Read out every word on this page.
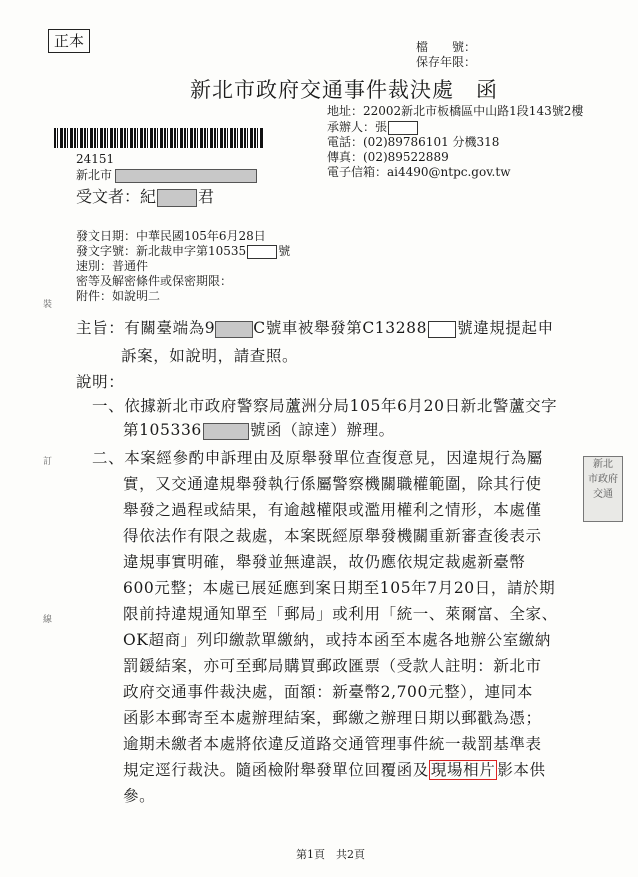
正本	檔　　號：
保存年限：
新北市政府交通事件裁決處　函
地址：22002新北市板橋區中山路1段143號2樓
承辦人：張
電話：(02)89786101 分機318
傳真：(02)89522889
電子信箱：ai4490@ntpc.gov.tw
24151
新北市
受文者：紀	君
發文日期：中華民國105年6月28日
發文字號：新北裁申字第10535	號
速別：普通件
密等及解密條件或保密期限：
附件：如說明二
裝
訂
線
主旨：有關臺端為9 C號車被舉發第C13288 號違規提起申
訴案，如說明，請查照。
說明：
一、依據新北市政府警察局蘆洲分局105年6月20日新北警蘆交字
第105336	號函（諒達）辦理。
二、本案經參酌申訴理由及原舉發單位查復意見，因違規行為屬
實，又交通違規舉發執行係屬警察機關職權範圍，除其行使
舉發之過程或結果，有逾越權限或濫用權利之情形，本處僅
得依法作有限之裁處，本案既經原舉發機關重新審查後表示
違規事實明確，舉發並無違誤，故仍應依規定裁處新臺幣
600元整；本處已展延應到案日期至105年7月20日，請於期
限前持違規通知單至「郵局」或利用「統一、萊爾富、全家、
OK超商」列印繳款單繳納，或持本函至本處各地辦公室繳納
罰鍰結案，亦可至郵局購買郵政匯票（受款人註明：新北市
政府交通事件裁決處，面額：新臺幣2,700元整），連同本
函影本郵寄至本處辦理結案，郵繳之辦理日期以郵戳為憑；
逾期未繳者本處將依違反道路交通管理事件統一裁罰基準表
規定逕行裁決。隨函檢附舉發單位回覆函及 現場相片 影本供
參。
新北
市政府
交通
第1頁　共2頁
